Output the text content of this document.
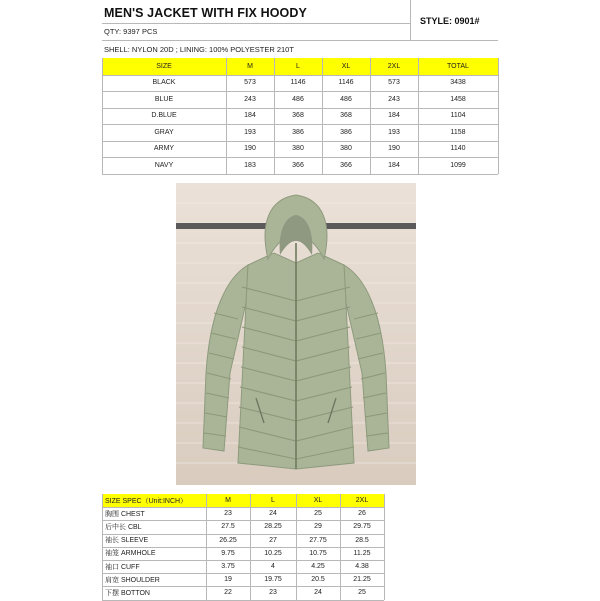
MEN'S JACKET WITH FIX HOODY
STYLE: 0901#
QTY: 9397 PCS
SHELL: NYLON 20D ; LINING: 100% POLYESTER 210T
SIZE	M	L	XL	2XL	TOTAL
BLACK	573	1146	1146	573	3438
BLUE	243	486	486	243	1458
D.BLUE	184	368	368	184	1104
GRAY	193	386	386	193	1158
ARMY	190	380	380	190	1140
NAVY	183	366	366	184	1099
SIZE SPEC（Unit:INCH）	M	L	XL	2XL
胸围 CHEST	23	24	25	26
后中长 CBL	27.5	28.25	29	29.75
袖长 SLEEVE	26.25	27	27.75	28.5
袖笼 ARMHOLE	9.75	10.25	10.75	11.25
袖口 CUFF	3.75	4	4.25	4.38
肩宽 SHOULDER	19	19.75	20.5	21.25
下摆 BOTTON	22	23	24	25
